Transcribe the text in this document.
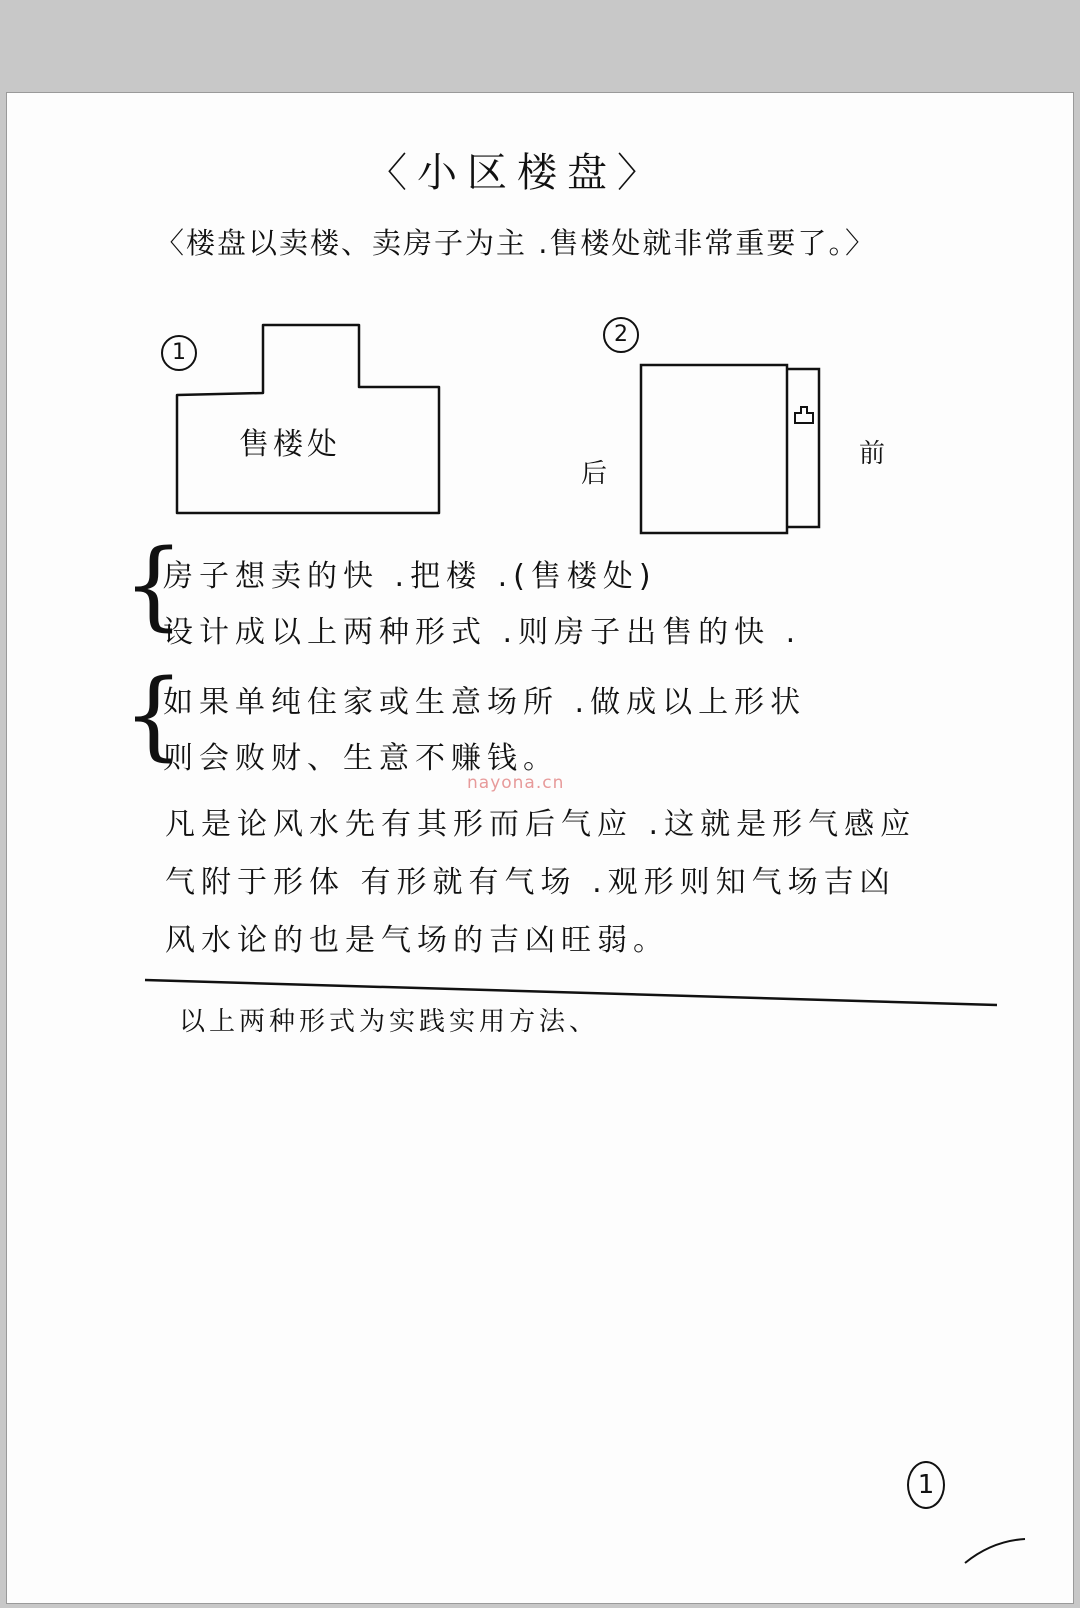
〈小区楼盘〉
〈楼盘以卖楼、卖房子为主 .售楼处就非常重要了。〉
1
售楼处
2
后
前
{
房子想卖的快 .把楼 .(售楼处)
设计成以上两种形式 .则房子出售的快 .
{
如果单纯住家或生意场所 .做成以上形状
则会败财、生意不赚钱。
nayona.cn
凡是论风水先有其形而后气应 .这就是形气感应
气附于形体 有形就有气场 .观形则知气场吉凶
风水论的也是气场的吉凶旺弱。
以上两种形式为实践实用方法、
1
